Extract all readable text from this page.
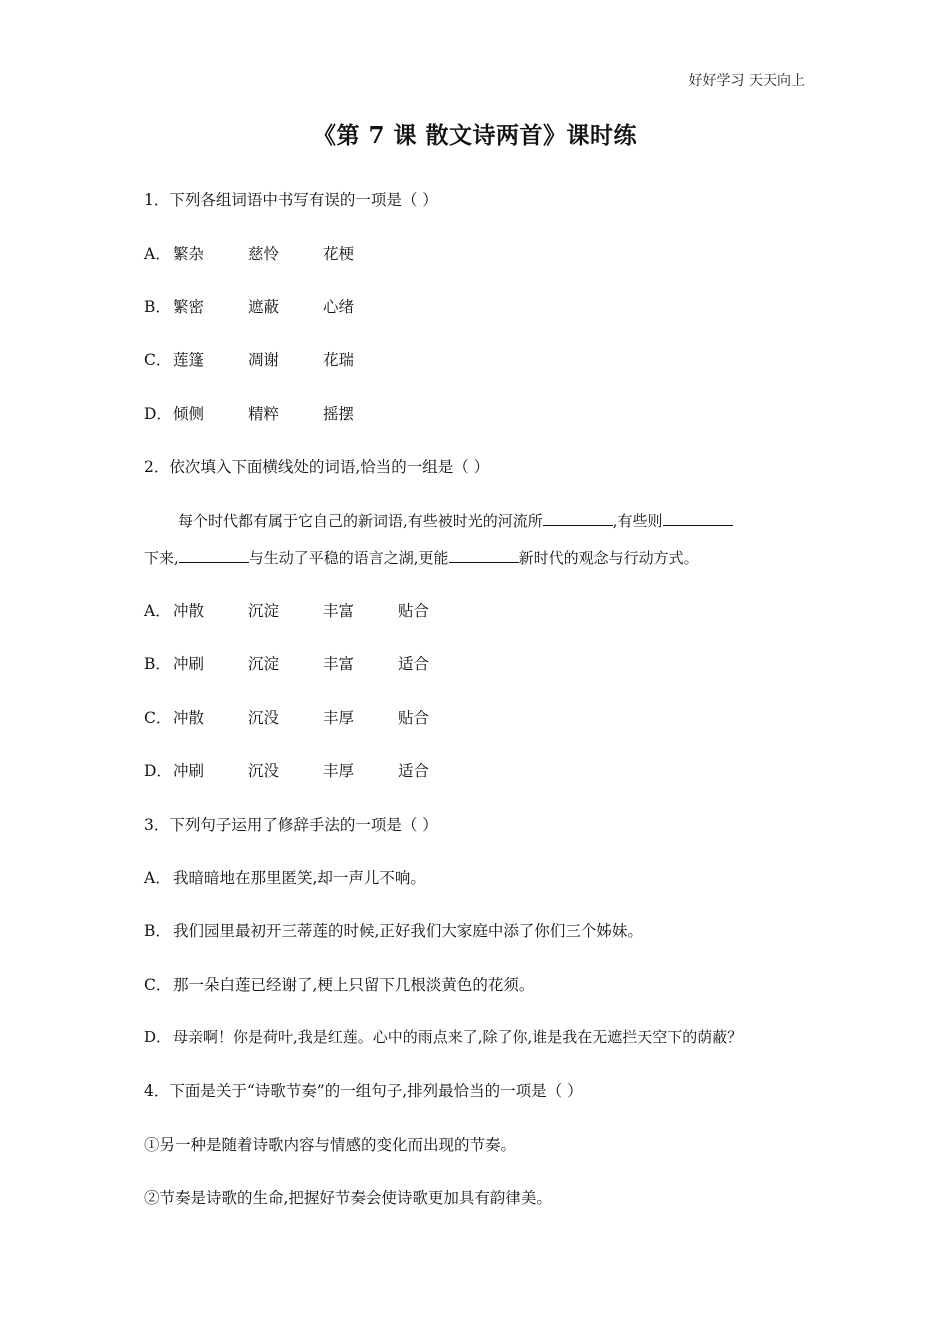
好好学习 天天向上
《第 7 课 散文诗两首》课时练
1．下列各组词语中书写有误的一项是（ ）
A． 繁杂	慈怜	花梗
B． 繁密	遮蔽	心绪
C． 莲篷	凋谢	花瑞
D．倾侧	精粹	摇摆
2．依次填入下面横线处的词语,恰当的一组是（ ）
每个时代都有属于它自己的新词语,有些被时光的河流所	,有些则
下来,	与生动了平稳的语言之湖,更能	新时代的观念与行动方式。
A． 冲散	沉淀	丰富	贴合
B． 冲刷	沉淀	丰富	适合
C． 冲散	沉没	丰厚	贴合
D．冲刷	沉没	丰厚	适合
3．下列句子运用了修辞手法的一项是（ ）
A． 我暗暗地在那里匿笑,却一声儿不响。
B． 我们园里最初开三蒂莲的时候,正好我们大家庭中添了你们三个姊妹。
C． 那一朵白莲已经谢了,梗上只留下几根淡黄色的花须。
D． 母亲啊！你是荷叶,我是红莲。心中的雨点来了,除了你,谁是我在无遮拦天空下的荫蔽？
4．下面是关于“诗歌节奏”的一组句子,排列最恰当的一项是（ ）
①另一种是随着诗歌内容与情感的变化而出现的节奏。
②节奏是诗歌的生命,把握好节奏会使诗歌更加具有韵律美。
